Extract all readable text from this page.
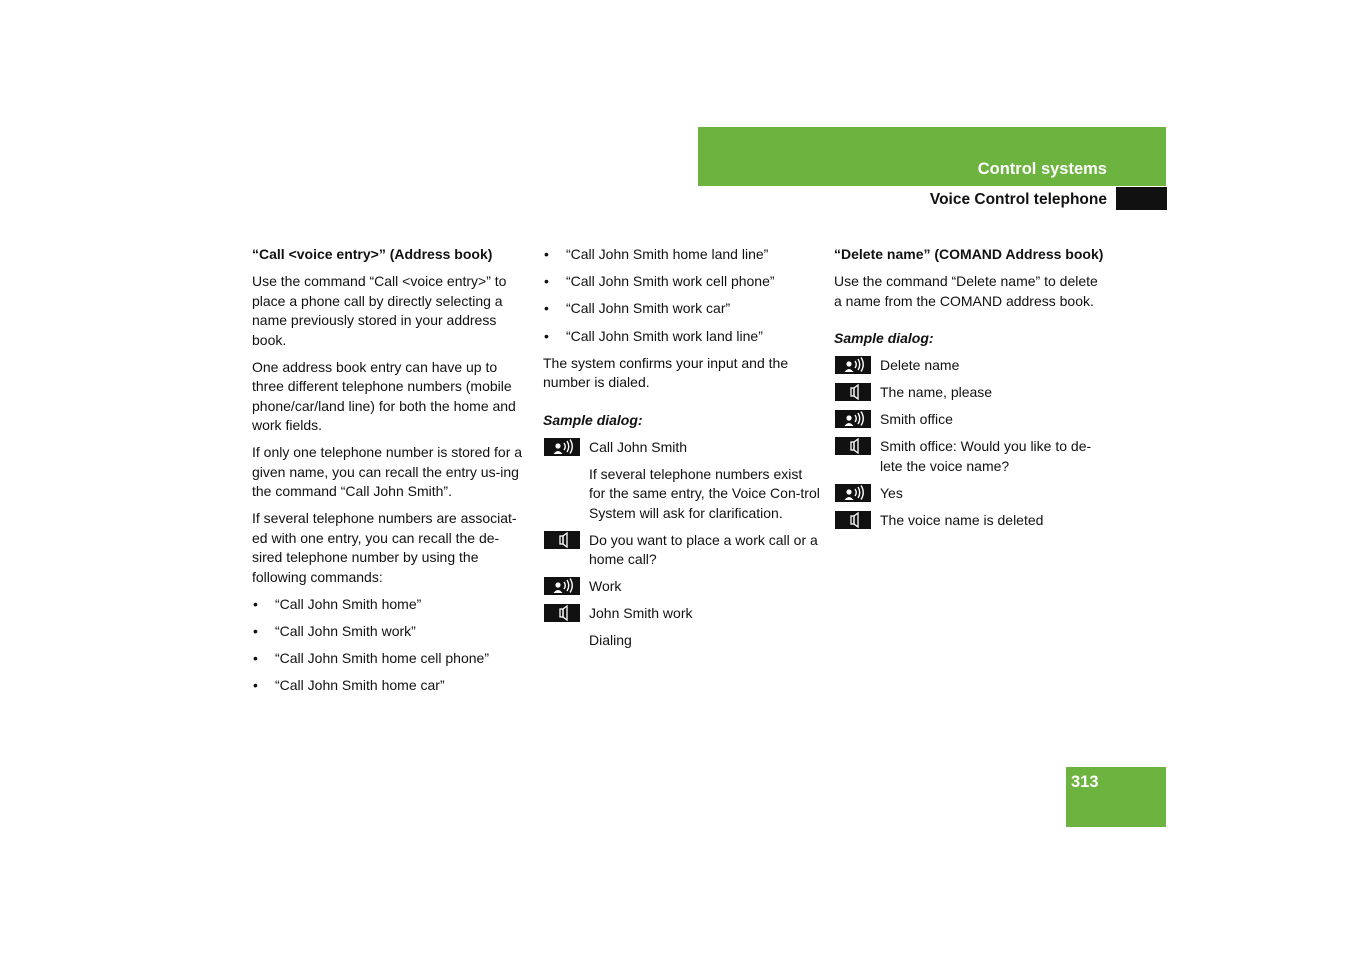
Control systems
Voice Control telephone
“Call <voice entry>” (Address book)

Use the command “Call <voice entry>” to place a phone call by directly selecting a name previously stored in your address book.

One address book entry can have up to three different telephone numbers (mobile phone/car/land line) for both the home and work fields.

If only one telephone number is stored for a given name, you can recall the entry us-ing the command “Call John Smith”.

If several telephone numbers are associat-ed with one entry, you can recall the de-sired telephone number by using the following commands:

• “Call John Smith home”
• “Call John Smith work”
• “Call John Smith home cell phone”
• “Call John Smith home car”
• “Call John Smith home land line”
• “Call John Smith work cell phone”
• “Call John Smith work car”
• “Call John Smith work land line”

The system confirms your input and the number is dialed.

Sample dialog:
Call John Smith
If several telephone numbers exist for the same entry, the Voice Con-trol System will ask for clarification.
Do you want to place a work call or a home call?
Work
John Smith work
Dialing
“Delete name” (COMAND Address book)

Use the command “Delete name” to delete a name from the COMAND address book.

Sample dialog:
Delete name
The name, please
Smith office
Smith office: Would you like to de-lete the voice name?
Yes
The voice name is deleted
313
